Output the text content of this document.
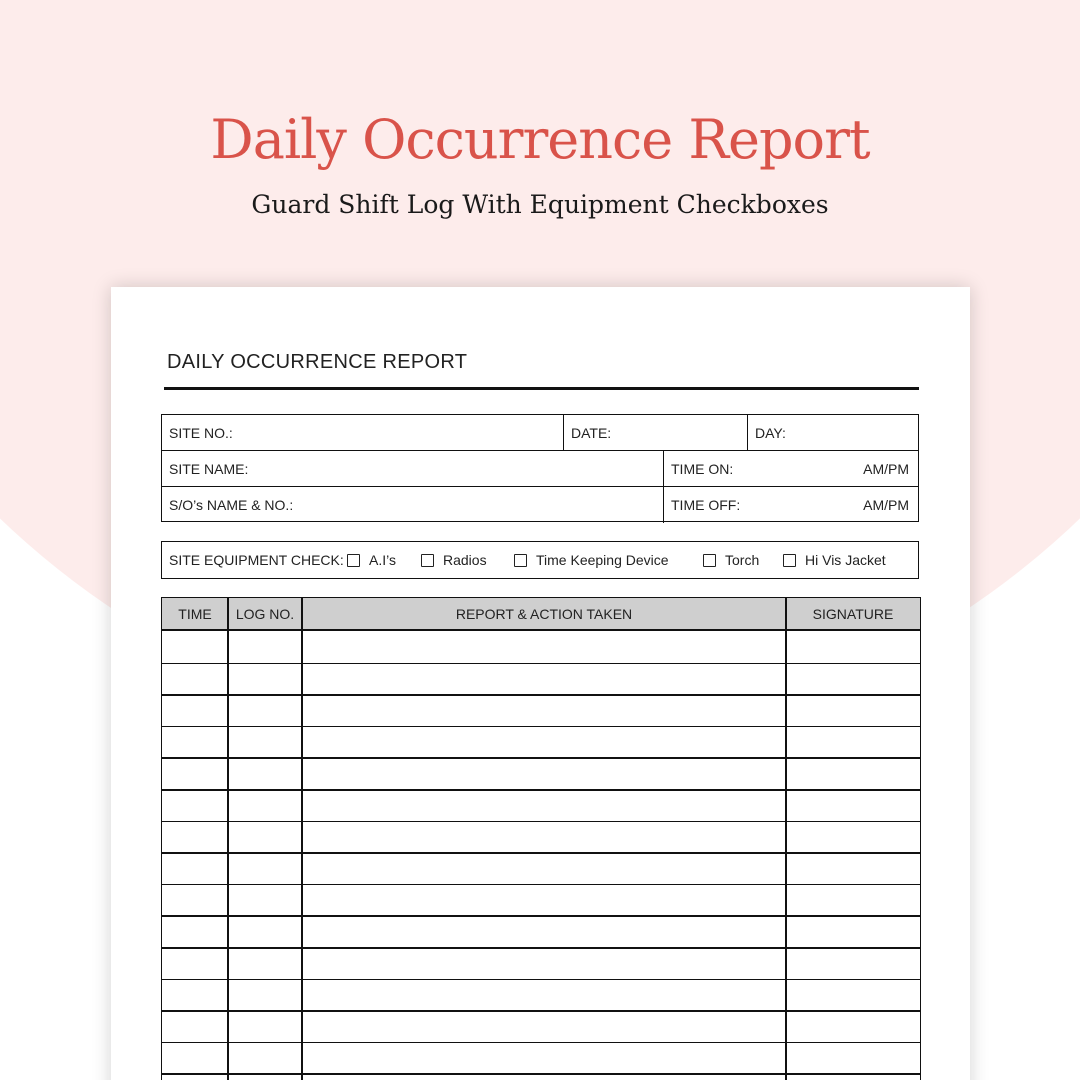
Daily Occurrence Report
Guard Shift Log With Equipment Checkboxes
DAILY OCCURRENCE REPORT
SITE NO.:	DATE:	DAY:
SITE NAME:	TIME ON:	AM/PM
S/O’s NAME & NO.:	TIME OFF:	AM/PM
SITE EQUIPMENT CHECK:	A.I’s	Radios	Time Keeping Device	Torch	Hi Vis Jacket
TIME	LOG NO.	REPORT & ACTION TAKEN	SIGNATURE
